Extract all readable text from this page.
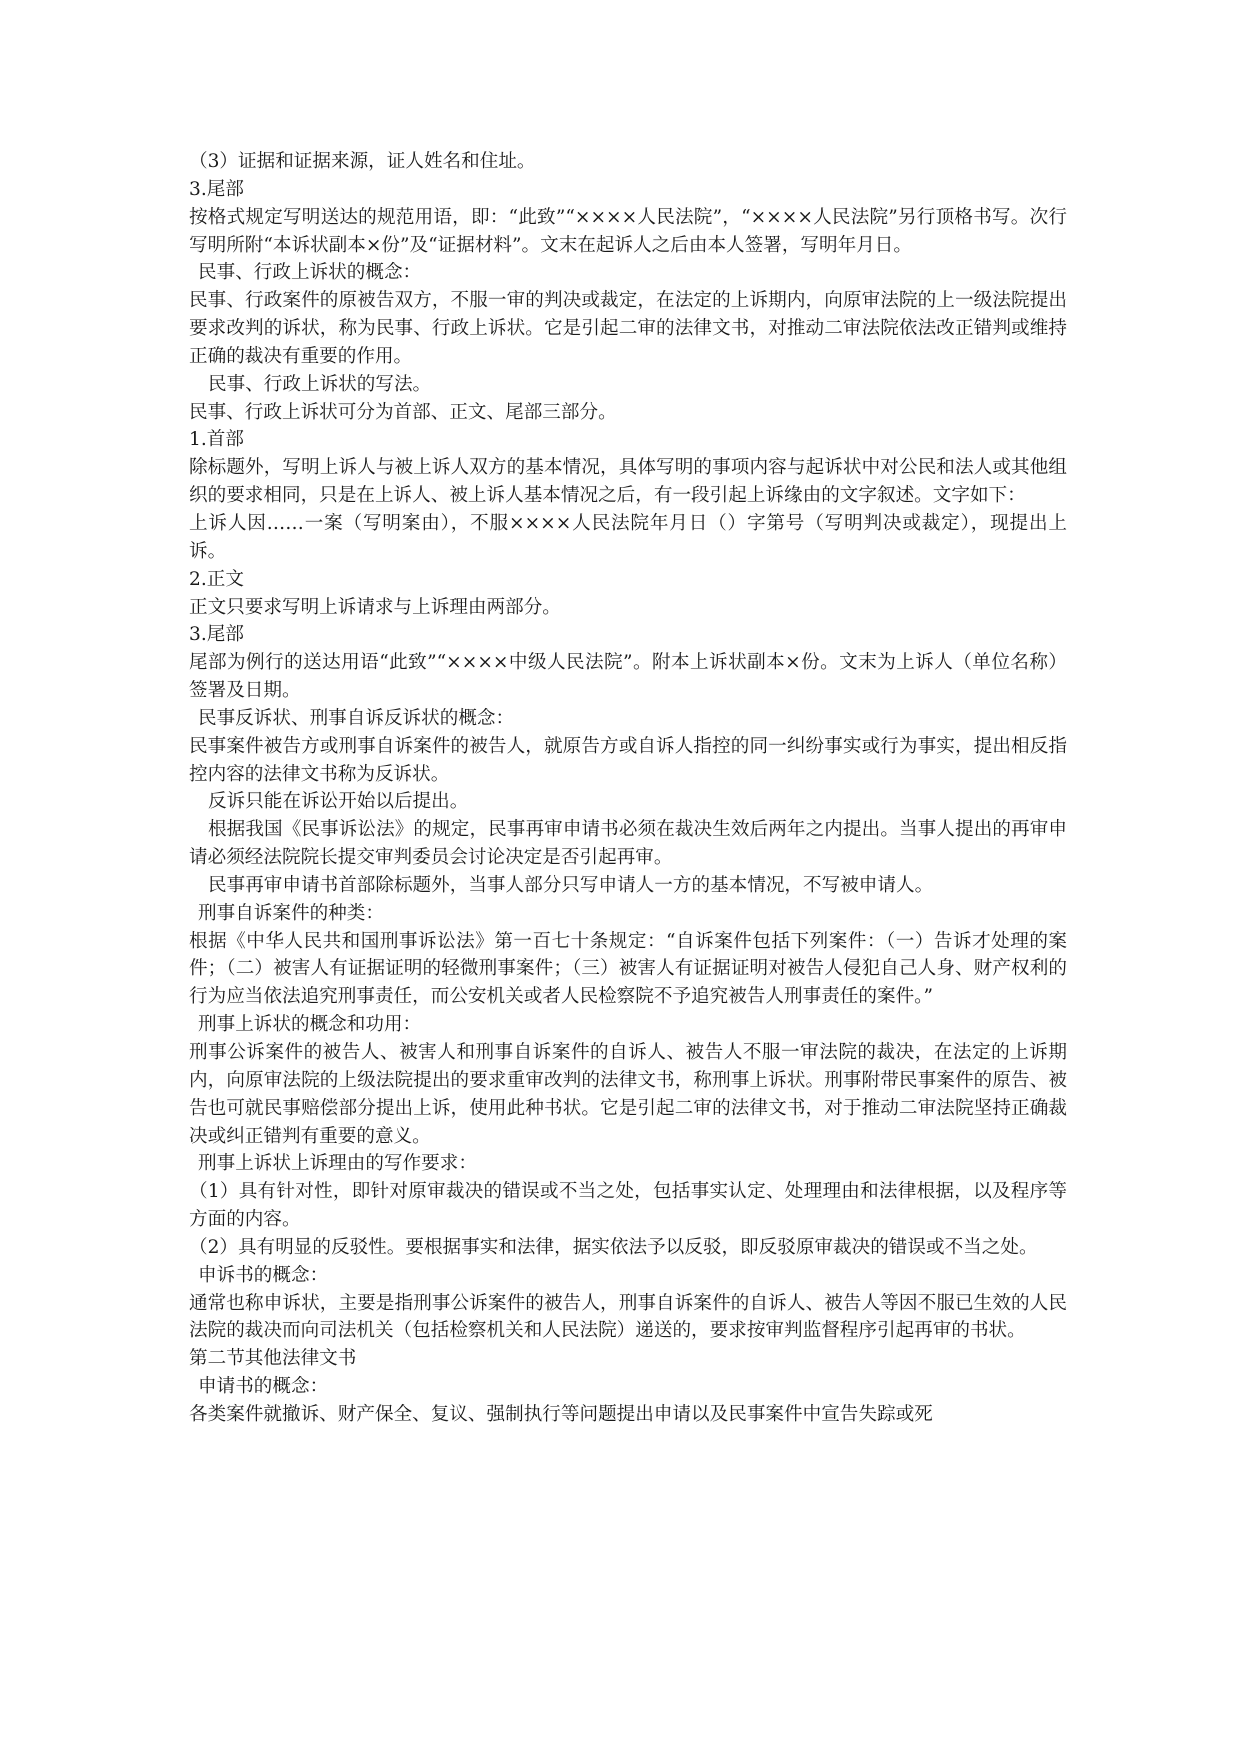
（3）证据和证据来源，证人姓名和住址。

3.尾部

按格式规定写明送达的规范用语，即：“此致”“××××人民法院”，“××××人民法院”另行顶格书写。次行写明所附“本诉状副本×份”及“证据材料”。文末在起诉人之后由本人签署，写明年月日。

民事、行政上诉状的概念：

民事、行政案件的原被告双方，不服一审的判决或裁定，在法定的上诉期内，向原审法院的上一级法院提出要求改判的诉状，称为民事、行政上诉状。它是引起二审的法律文书，对推动二审法院依法改正错判或维持正确的裁决有重要的作用。

民事、行政上诉状的写法。

民事、行政上诉状可分为首部、正文、尾部三部分。

1.首部

除标题外，写明上诉人与被上诉人双方的基本情况，具体写明的事项内容与起诉状中对公民和法人或其他组织的要求相同，只是在上诉人、被上诉人基本情况之后，有一段引起上诉缘由的文字叙述。文字如下：

上诉人因……一案（写明案由），不服××××人民法院年月日（）字第号（写明判决或裁定），现提出上诉。

2.正文

正文只要求写明上诉请求与上诉理由两部分。

3.尾部

尾部为例行的送达用语“此致”“××××中级人民法院”。附本上诉状副本×份。文末为上诉人（单位名称）签署及日期。

民事反诉状、刑事自诉反诉状的概念：

民事案件被告方或刑事自诉案件的被告人，就原告方或自诉人指控的同一纠纷事实或行为事实，提出相反指控内容的法律文书称为反诉状。

反诉只能在诉讼开始以后提出。

根据我国《民事诉讼法》的规定，民事再审申请书必须在裁决生效后两年之内提出。当事人提出的再审申请必须经法院院长提交审判委员会讨论决定是否引起再审。

民事再审申请书首部除标题外，当事人部分只写申请人一方的基本情况，不写被申请人。

刑事自诉案件的种类：

根据《中华人民共和国刑事诉讼法》第一百七十条规定：“自诉案件包括下列案件：（一）告诉才处理的案件；（二）被害人有证据证明的轻微刑事案件；（三）被害人有证据证明对被告人侵犯自己人身、财产权利的行为应当依法追究刑事责任，而公安机关或者人民检察院不予追究被告人刑事责任的案件。”

刑事上诉状的概念和功用：

刑事公诉案件的被告人、被害人和刑事自诉案件的自诉人、被告人不服一审法院的裁决，在法定的上诉期内，向原审法院的上级法院提出的要求重审改判的法律文书，称刑事上诉状。刑事附带民事案件的原告、被告也可就民事赔偿部分提出上诉，使用此种书状。它是引起二审的法律文书，对于推动二审法院坚持正确裁决或纠正错判有重要的意义。

刑事上诉状上诉理由的写作要求：

（1）具有针对性，即针对原审裁决的错误或不当之处，包括事实认定、处理理由和法律根据，以及程序等方面的内容。

（2）具有明显的反驳性。要根据事实和法律，据实依法予以反驳，即反驳原审裁决的错误或不当之处。

申诉书的概念：

通常也称申诉状，主要是指刑事公诉案件的被告人，刑事自诉案件的自诉人、被告人等因不服已生效的人民法院的裁决而向司法机关（包括检察机关和人民法院）递送的，要求按审判监督程序引起再审的书状。

第二节其他法律文书

申请书的概念：

各类案件就撤诉、财产保全、复议、强制执行等问题提出申请以及民事案件中宣告失踪或死
